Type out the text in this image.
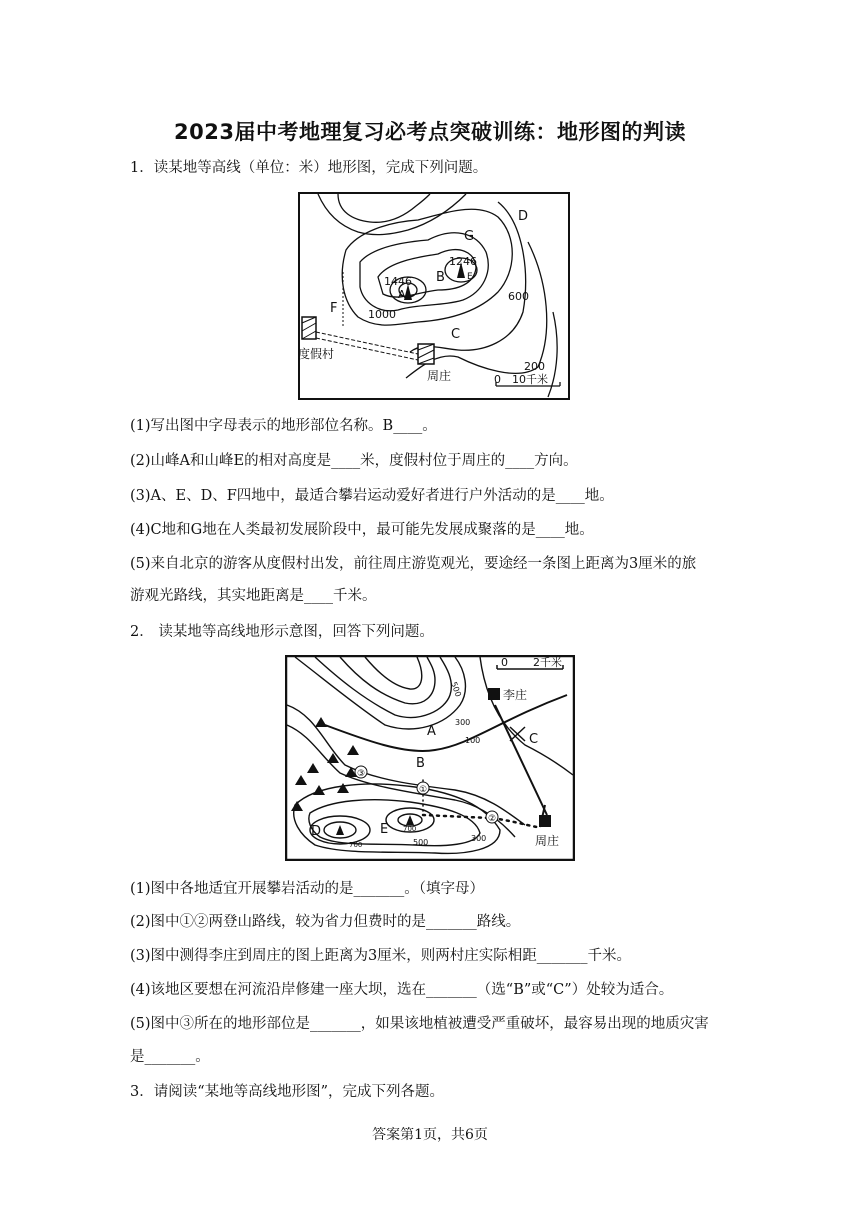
2023届中考地理复习必考点突破训练：地形图的判读
1．读某地等高线（单位：米）地形图，完成下列问题。
D
G
1246
B E
1446
A
F
600
1000
C
度假村
周庄
200
0 10千米
(1)写出图中字母表示的地形部位名称。B____。
(2)山峰A和山峰E的相对高度是____米，度假村位于周庄的____方向。
(3)A、E、D、F四地中，最适合攀岩运动爱好者进行户外活动的是____地。
(4)C地和G地在人类最初发展阶段中，最可能先发展成聚落的是____地。
(5)来自北京的游客从度假村出发，前往周庄游览观光，要途经一条图上距离为3厘米的旅
游观光路线，其实地距离是____千米。
2． 读某地等高线地形示意图，回答下列问题。
0 2千米
李庄
500
300
A
100	C
B
③
①
②
D
700
700
E
500	300	周庄
(1)图中各地适宜开展攀岩活动的是_______。（填字母）
(2)图中①②两登山路线，较为省力但费时的是_______路线。
(3)图中测得李庄到周庄的图上距离为3厘米，则两村庄实际相距_______千米。
(4)该地区要想在河流沿岸修建一座大坝，选在_______（选“B”或“C”）处较为适合。
(5)图中③所在的地形部位是_______，如果该地植被遭受严重破坏，最容易出现的地质灾害
是_______。
3．请阅读“某地等高线地形图”，完成下列各题。
答案第1页，共6页
